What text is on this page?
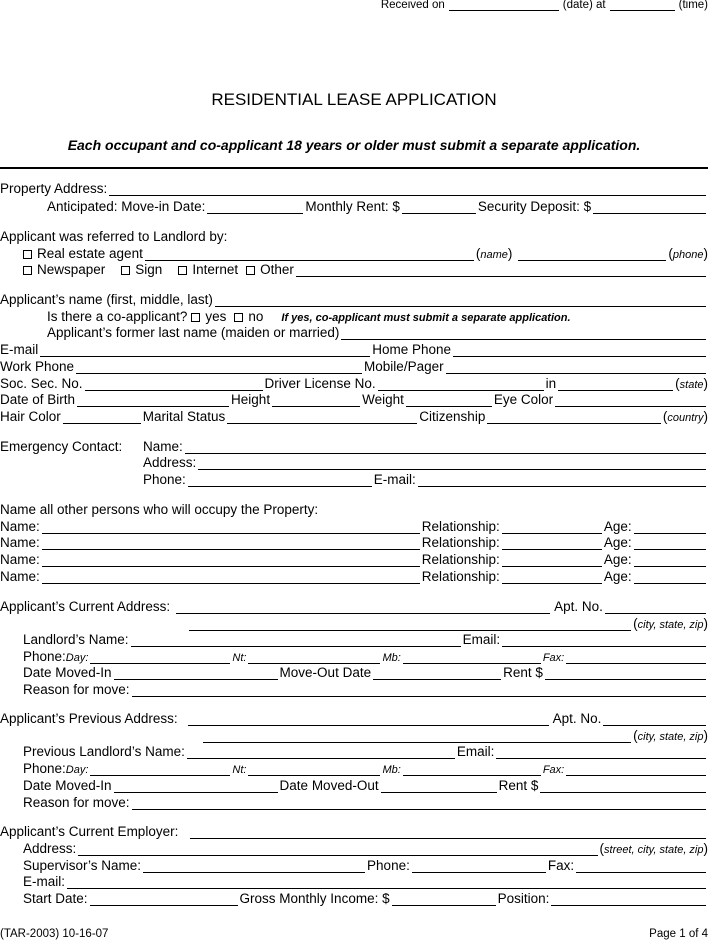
Received on	(date) at	(time)
RESIDENTIAL LEASE APPLICATION
Each occupant and co-applicant 18 years or older must submit a separate application.
Property Address:
Anticipated: Move-in Date:	Monthly Rent: $	Security Deposit: $
Applicant was referred to Landlord by:
Real estate agent	( name )	( phone )
Newspaper Sign Internet Other
Applicant’s name (first, middle, last)
Is there a co-applicant? yes no If yes, co-applicant must submit a separate application.
Applicant’s former last name (maiden or married)
E-mail	Home Phone
Work Phone	Mobile/Pager
Soc. Sec. No.	Driver License No.	in	( state )
Date of Birth	Height	Weight	Eye Color
Hair Color	Marital Status	Citizenship	( country )
Emergency Contact:	Name:
Address:
Phone:	E-mail:
Name all other persons who will occupy the Property:
Name:	Relationship:	Age:
Name:	Relationship:	Age:
Name:	Relationship:	Age:
Name:	Relationship:	Age:
Applicant’s Current Address:	Apt. No.
( city, state, zip )
Landlord’s Name:	Email:
Phone: Day:	Nt:	Mb:	Fax:
Date Moved-In	Move-Out Date	Rent $
Reason for move:
Applicant’s Previous Address:	Apt. No.
( city, state, zip )
Previous Landlord’s Name:	Email:
Phone: Day:	Nt:	Mb:	Fax:
Date Moved-In	Date Moved-Out	Rent $
Reason for move:
Applicant’s Current Employer:
Address:	( street, city, state, zip )
Supervisor’s Name:	Phone:	Fax:
E-mail:
Start Date:	Gross Monthly Income: $	Position:
(TAR-2003) 10-16-07	Page 1 of 4
